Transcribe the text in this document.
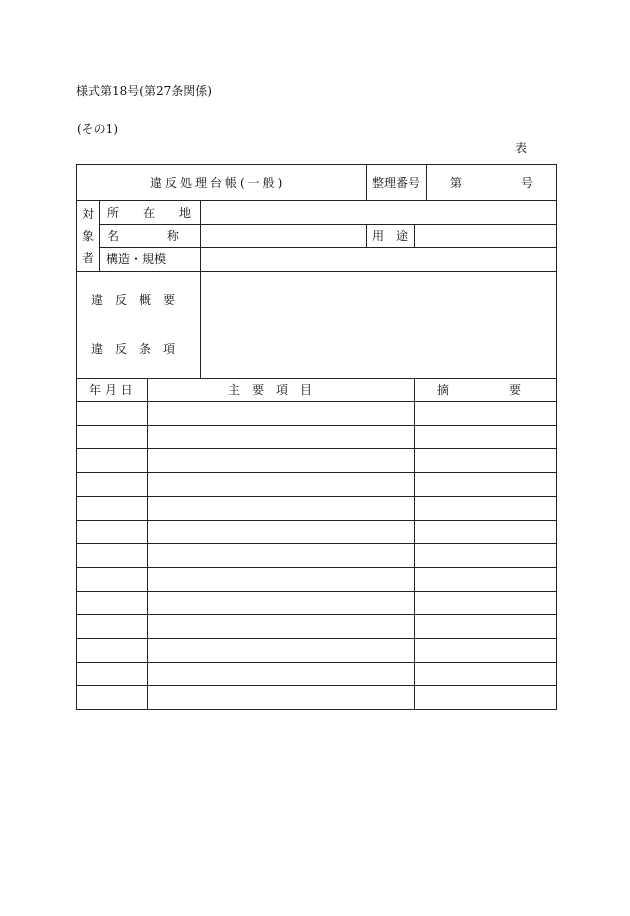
様式第18号(第27条関係)
(その1)
表
違反処理台帳(一般)	整理番号 第	号
対
象
者
所　　在　　地
名　　　　称	用　途
構造・規模
違　反　概　要
違　反　条　項
年 月 日	主　要　項　目	摘　　　　　要
